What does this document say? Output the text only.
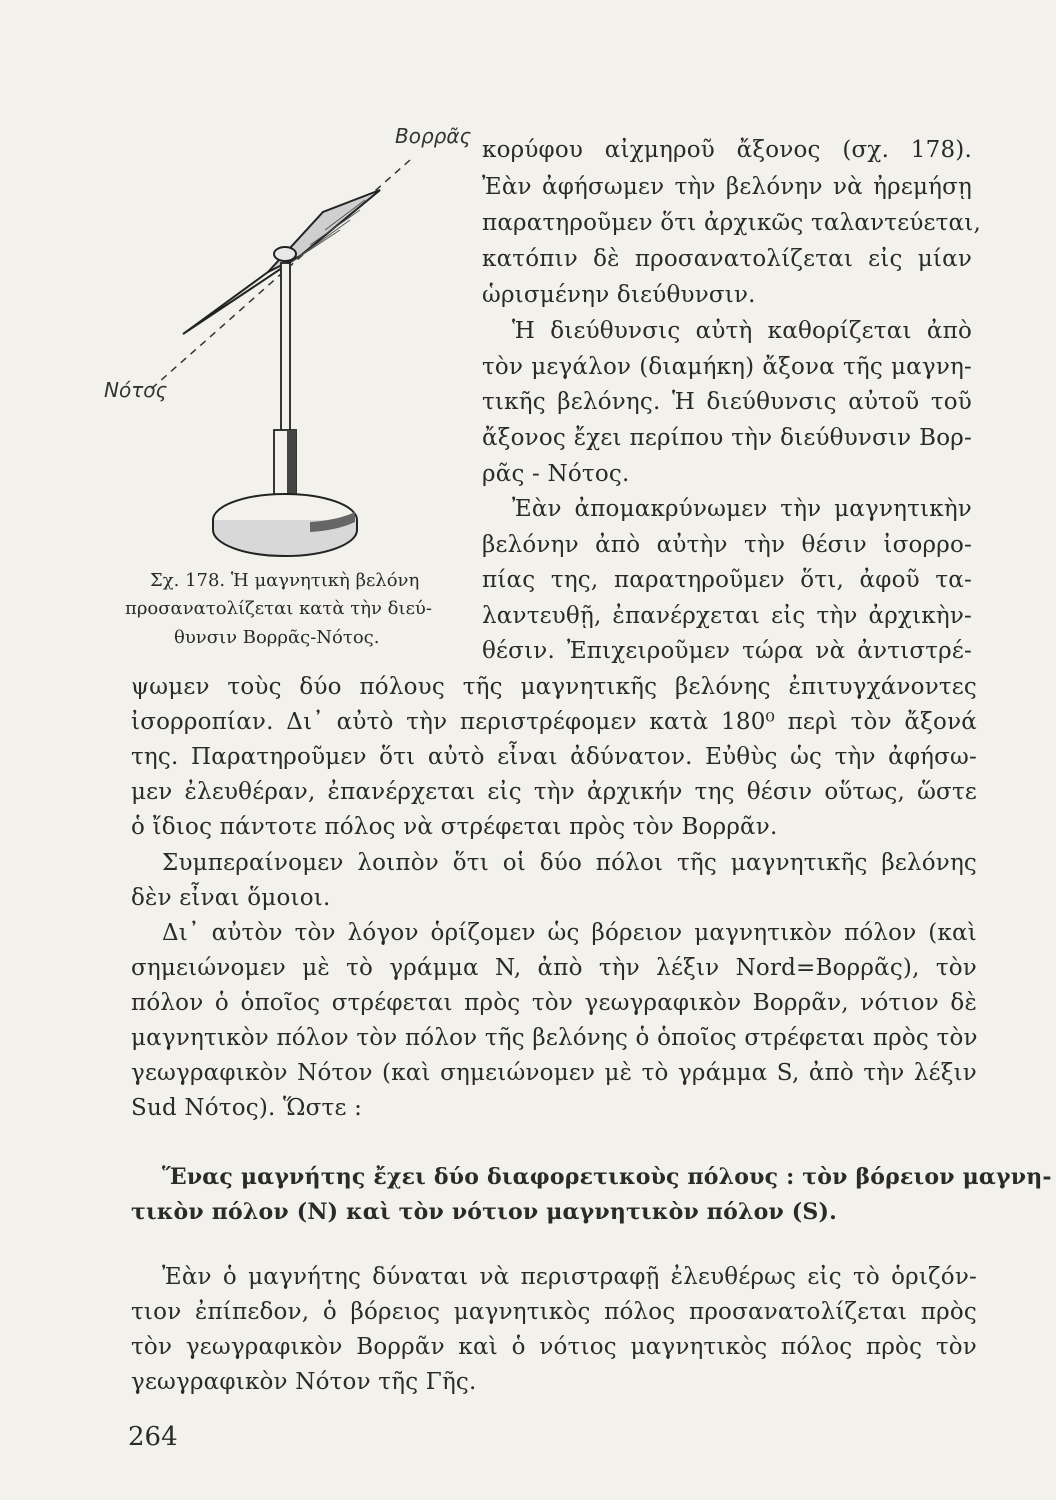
Βορρᾶς
Νότος
Σχ. 178. Ἡ μαγνητικὴ βελόνη
προσανατολίζεται κατὰ τὴν διεύ-
θυνσιν Βορρᾶς-Νότος.

κορύφου αἰχμηροῦ ἄξονος (σχ. 178).

Ἐὰν ἀφήσωμεν τὴν βελόνην νὰ ἠρεμήσῃ

παρατηροῦμεν ὅτι ἀρχικῶς ταλαντεύεται,

κατόπιν δὲ προσανατολίζεται εἰς μίαν

ὡρισμένην διεύθυνσιν.

Ἡ διεύθυνσις αὐτὴ καθορίζεται ἀπὸ

τὸν μεγάλον (διαμήκη) ἄξονα τῆς μαγνη-

τικῆς βελόνης. Ἡ διεύθυνσις αὐτοῦ τοῦ

ἄξονος ἔχει περίπου τὴν διεύθυνσιν Βορ-

ρᾶς - Νότος.

Ἐὰν ἀπομακρύνωμεν τὴν μαγνητικὴν

βελόνην ἀπὸ αὐτὴν τὴν θέσιν ἰσορρο-

πίας της, παρατηροῦμεν ὅτι, ἀφοῦ τα-

λαντευθῇ, ἐπανέρχεται εἰς τὴν ἀρχικὴν-

θέσιν. Ἐπιχειροῦμεν τώρα νὰ ἀντιστρέ-

ψωμεν τοὺς δύο πόλους τῆς μαγνητικῆς βελόνης ἐπιτυγχάνοντες

ἰσορροπίαν. Δι᾽ αὐτὸ τὴν περιστρέφομεν κατὰ 180⁰ περὶ τὸν ἄξονά

της. Παρατηροῦμεν ὅτι αὐτὸ εἶναι ἀδύνατον. Εὐθὺς ὡς τὴν ἀφήσω-

μεν ἐλευθέραν, ἐπανέρχεται εἰς τὴν ἀρχικήν της θέσιν οὕτως, ὥστε

ὁ ἴδιος πάντοτε πόλος νὰ στρέφεται πρὸς τὸν Βορρᾶν.

Συμπεραίνομεν λοιπὸν ὅτι οἱ δύο πόλοι τῆς μαγνητικῆς βελόνης

δὲν εἶναι ὅμοιοι.

Δι᾽ αὐτὸν τὸν λόγον ὁρίζομεν ὡς βόρειον μαγνητικὸν πόλον (καὶ

σημειώνομεν μὲ τὸ γράμμα N, ἀπὸ τὴν λέξιν Nord=Βορρᾶς), τὸν

πόλον ὁ ὁποῖος στρέφεται πρὸς τὸν γεωγραφικὸν Βορρᾶν, νότιον δὲ

μαγνητικὸν πόλον τὸν πόλον τῆς βελόνης ὁ ὁποῖος στρέφεται πρὸς τὸν

γεωγραφικὸν Νότον (καὶ σημειώνομεν μὲ τὸ γράμμα S, ἀπὸ τὴν λέξιν

Sud Νότος). Ὥστε :

Ἕνας μαγνήτης ἔχει δύο διαφορετικοὺς πόλους : τὸν βόρειον μαγνη-

τικὸν πόλον (N) καὶ τὸν νότιον μαγνητικὸν πόλον (S).

Ἐὰν ὁ μαγνήτης δύναται νὰ περιστραφῇ ἐλευθέρως εἰς τὸ ὁριζόν-

τιον ἐπίπεδον, ὁ βόρειος μαγνητικὸς πόλος προσανατολίζεται πρὸς

τὸν γεωγραφικὸν Βορρᾶν καὶ ὁ νότιος μαγνητικὸς πόλος πρὸς τὸν

γεωγραφικὸν Νότον τῆς Γῆς.

264
